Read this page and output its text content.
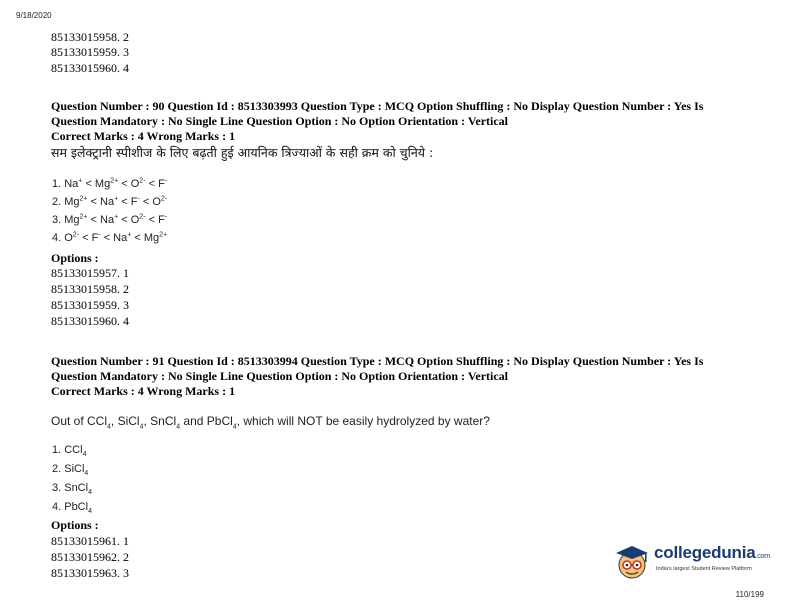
9/18/2020
85133015958. 2
85133015959. 3
85133015960. 4
Question Number : 90 Question Id : 8513303993 Question Type : MCQ Option Shuffling : No Display Question Number : Yes Is
Question Mandatory : No Single Line Question Option : No Option Orientation : Vertical
Correct Marks : 4 Wrong Marks : 1
सम इलेक्ट्रानी स्पीशीज के लिए बढ़ती हुई आयनिक त्रिज्याओं के सही क्रम को चुनिये :
1. $Na^+ < Mg^{2+} < O^{2-} < F^-$
2. $Mg^{2+} < Na^+ < F^- < O^{2-}$
3. $Mg^{2+} < Na^+ < O^{2-} < F^-$
4. $O^{2-} < F^- < Na^+ < Mg^{2+}$
Options :
85133015957. 1
85133015958. 2
85133015959. 3
85133015960. 4
Question Number : 91 Question Id : 8513303994 Question Type : MCQ Option Shuffling : No Display Question Number : Yes Is
Question Mandatory : No Single Line Question Option : No Option Orientation : Vertical
Correct Marks : 4 Wrong Marks : 1
Out of CCl$_4$, SiCl$_4$, SnCl$_4$ and PbCl$_4$, which will NOT be easily hydrolyzed by water?
1. CCl$_4$
2. SiCl$_4$
3. SnCl$_4$
4. PbCl$_4$
Options :
85133015961. 1
85133015962. 2
85133015963. 3
collegedunia.com
India's largest Student Review Platform
110/199
